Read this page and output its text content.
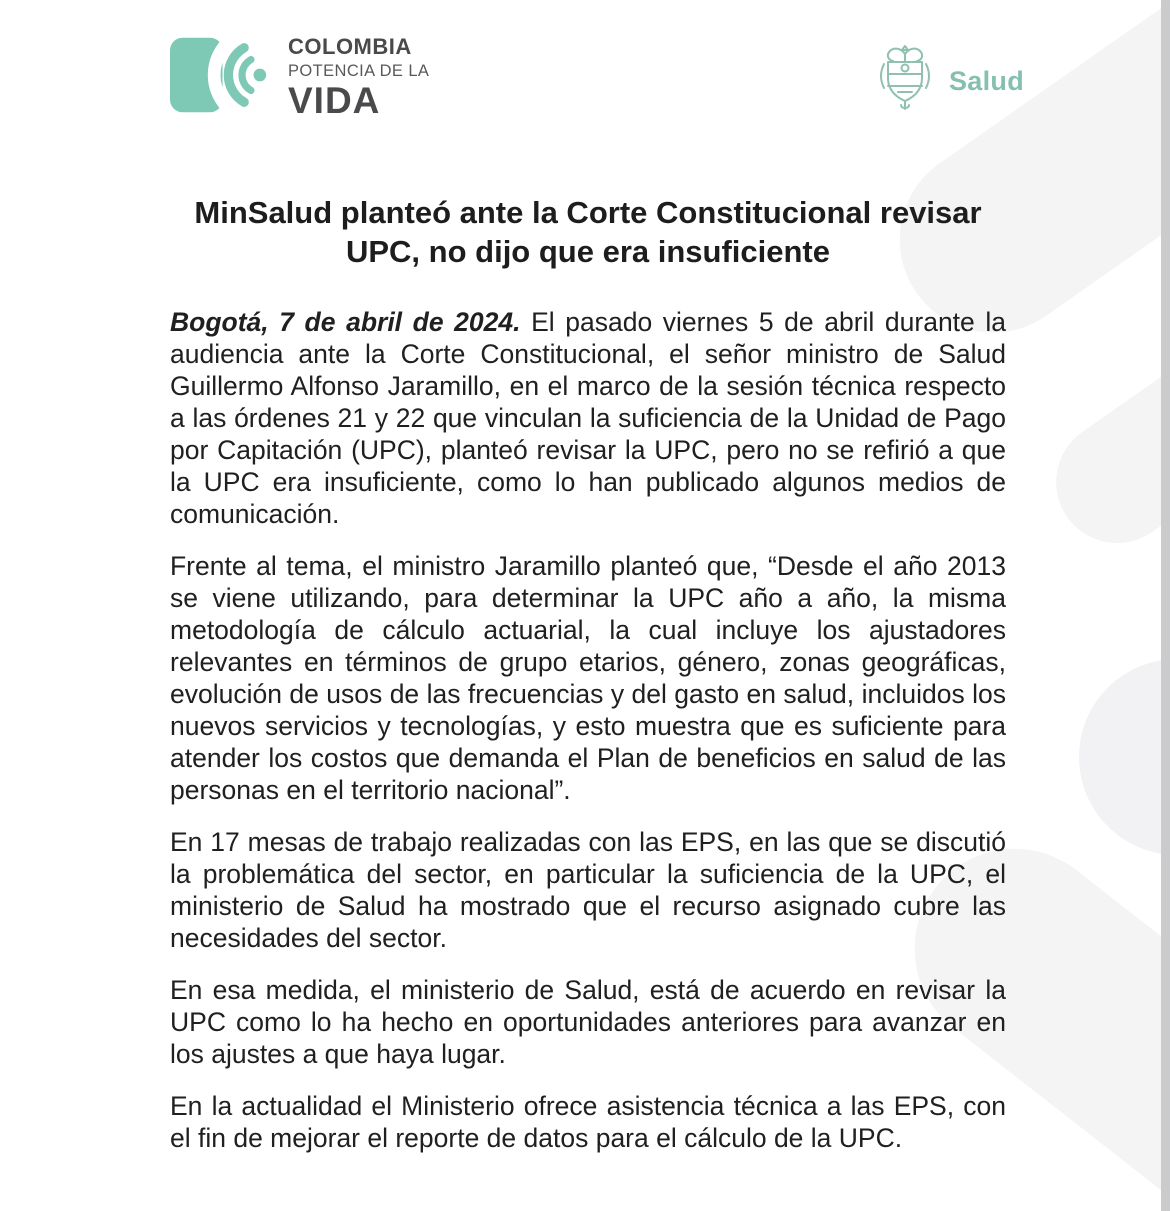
COLOMBIA
POTENCIA DE LA
VIDA	Salud
MinSalud planteó ante la Corte Constitucional revisar UPC, no dijo que era insuficiente

Bogotá, 7 de abril de 2024. El pasado viernes 5 de abril durante la audiencia ante la Corte Constitucional, el señor ministro de Salud Guillermo Alfonso Jaramillo, en el marco de la sesión técnica respecto a las órdenes 21 y 22 que vinculan la suficiencia de la Unidad de Pago por Capitación (UPC), planteó revisar la UPC, pero no se refirió a que la UPC era insuficiente, como lo han publicado algunos medios de comunicación.

Frente al tema, el ministro Jaramillo planteó que, “Desde el año 2013 se viene utilizando, para determinar la UPC año a año, la misma metodología de cálculo actuarial, la cual incluye los ajustadores relevantes en términos de grupo etarios, género, zonas geográficas, evolución de usos de las frecuencias y del gasto en salud, incluidos los nuevos servicios y tecnologías, y esto muestra que es suficiente para atender los costos que demanda el Plan de beneficios en salud de las personas en el territorio nacional”.

En 17 mesas de trabajo realizadas con las EPS, en las que se discutió la problemática del sector, en particular la suficiencia de la UPC, el ministerio de Salud ha mostrado que el recurso asignado cubre las necesidades del sector.

En esa medida, el ministerio de Salud, está de acuerdo en revisar la UPC como lo ha hecho en oportunidades anteriores para avanzar en los ajustes a que haya lugar.

En la actualidad el Ministerio ofrece asistencia técnica a las EPS, con el fin de mejorar el reporte de datos para el cálculo de la UPC.
